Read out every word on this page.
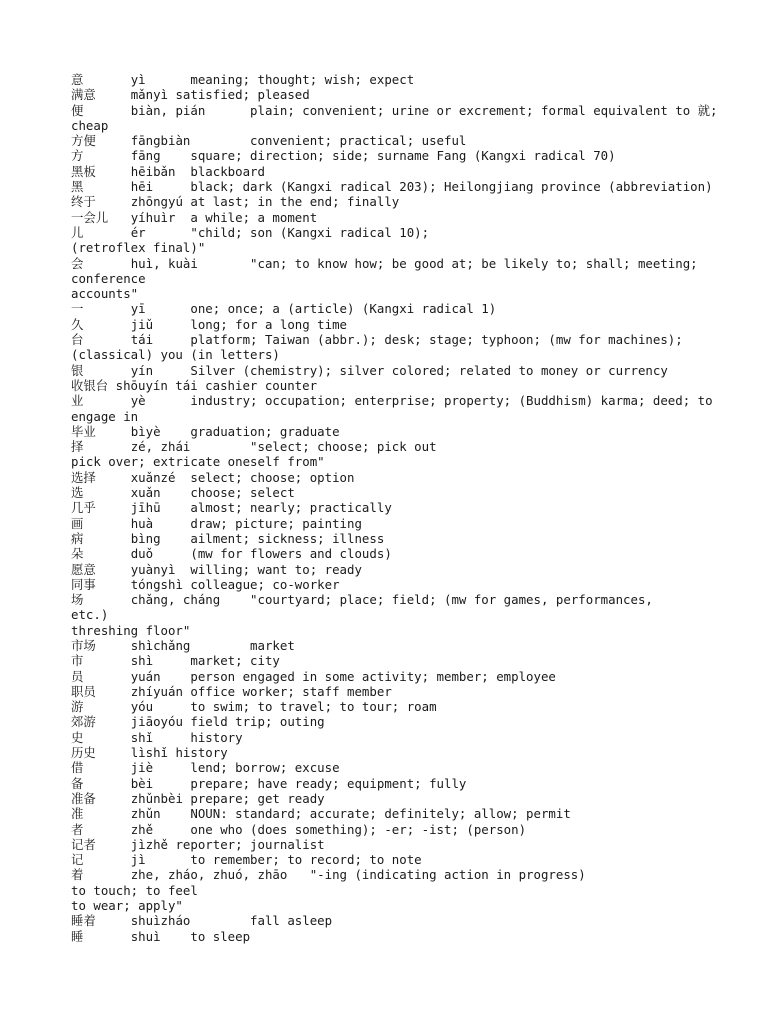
意	yì	meaning; thought; wish; expect
满意	mǎnyì satisfied; pleased
便	biàn, pián	plain; convenient; urine or excrement; formal equivalent to 就;
cheap
方便	fāngbiàn	convenient; practical; useful
方	fāng	square; direction; side; surname Fang (Kangxi radical 70)
黑板	hēibǎn	blackboard
黑	hēi	black; dark (Kangxi radical 203); Heilongjiang province (abbreviation)
终于	zhōngyú	at last; in the end; finally
一会儿	yíhuìr	a while; a moment
儿	ér	"child; son (Kangxi radical 10);
(retroflex final)"
会	huì, kuài	"can; to know how; be good at; be likely to; shall; meeting;
conference
accounts"
一	yī	one; once; a (article) (Kangxi radical 1)
久	jiǔ	long; for a long time
台	tái	platform; Taiwan (abbr.); desk; stage; typhoon; (mw for machines);
(classical) you (in letters)
银	yín	Silver (chemistry); silver colored; related to money or currency
收银台 shōuyín tái cashier counter
业	yè	industry; occupation; enterprise; property; (Buddhism) karma; deed; to
engage in
毕业	bìyè	graduation; graduate
择	zé, zhái	"select; choose; pick out
pick over; extricate oneself from"
选择	xuǎnzé	select; choose; option
选	xuǎn	choose; select
几乎	jīhū	almost; nearly; practically
画	huà	draw; picture; painting
病	bìng	ailment; sickness; illness
朵	duǒ	(mw for flowers and clouds)
愿意	yuànyì	willing; want to; ready
同事	tóngshì	colleague; co-worker
场	chǎng, cháng	"courtyard; place; field; (mw for games, performances,
etc.)
threshing floor"
市场	shìchǎng	market
市	shì	market; city
员	yuán	person engaged in some activity; member; employee
职员	zhíyuán	office worker; staff member
游	yóu	to swim; to travel; to tour; roam
郊游	jiāoyóu	field trip; outing
史	shǐ	history
历史	lìshǐ history
借	jiè	lend; borrow; excuse
备	bèi	prepare; have ready; equipment; fully
准备	zhǔnbèi	prepare; get ready
准	zhǔn	NOUN: standard; accurate; definitely; allow; permit
者	zhě	one who (does something); -er; -ist; (person)
记者	jìzhě reporter; journalist
记	jì	to remember; to record; to note
着	zhe, zháo, zhuó, zhāo	"-ing (indicating action in progress)
to touch; to feel
to wear; apply"
睡着	shuìzháo	fall asleep
睡	shuì	to sleep
